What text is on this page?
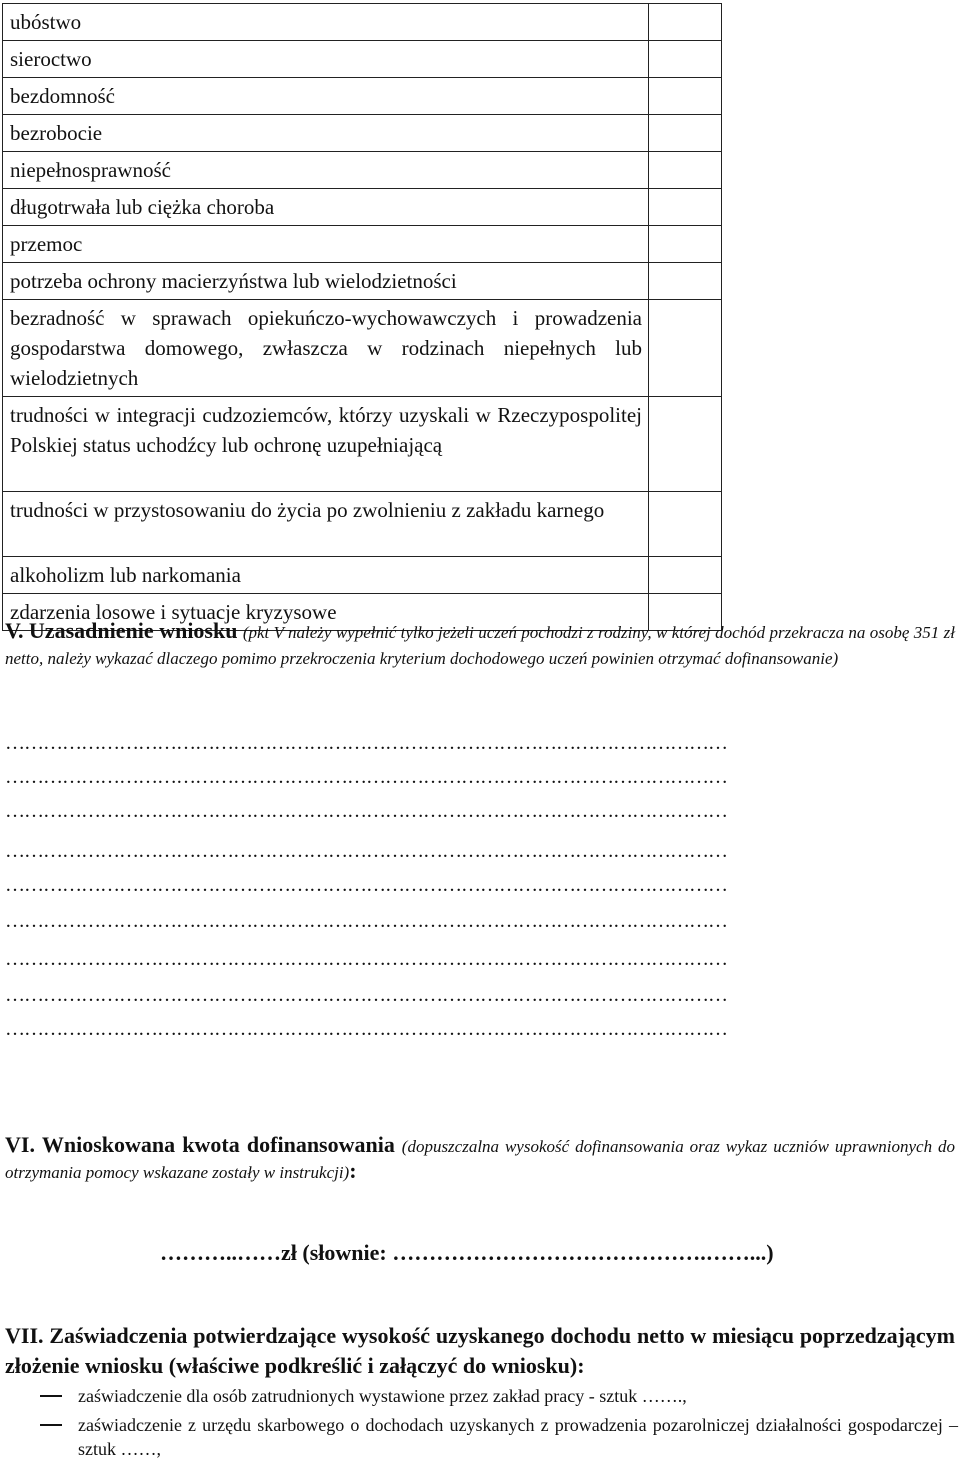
ubóstwo	
sieroctwo	
bezdomność	
bezrobocie	
niepełnosprawność	
długotrwała lub ciężka choroba	
przemoc	
potrzeba ochrony macierzyństwa lub wielodzietności	
bezradność w sprawach opiekuńczo-wychowawczych i prowadzenia gospodarstwa domowego, zwłaszcza w rodzinach niepełnych lub wielodzietnych	
trudności w integracji cudzoziemców, którzy uzyskali w Rzeczypospolitej Polskiej status uchodźcy lub ochronę uzupełniającą	
trudności w przystosowaniu do życia po zwolnieniu z zakładu karnego	
alkoholizm lub narkomania	
zdarzenia losowe i sytuacje kryzysowe	
V. Uzasadnienie wniosku (pkt V należy wypełnić tylko jeżeli uczeń pochodzi z rodziny, w której dochód przekracza na osobę 351 zł netto, należy wykazać dlaczego pomimo przekroczenia kryterium dochodowego uczeń powinien otrzymać dofinansowanie)
……………………………………………………………………………………………………
……………………………………………………………………………………………………
……………………………………………………………………………………………………
……………………………………………………………………………………………………
……………………………………………………………………………………………………
……………………………………………………………………………………………………
……………………………………………………………………………………………………
……………………………………………………………………………………………………
……………………………………………………………………………………………………
VI. Wnioskowana kwota dofinansowania (dopuszczalna wysokość dofinansowania oraz wykaz uczniów uprawnionych do otrzymania pomocy wskazane zostały w instrukcji):
………..……zł (słownie: …………………………………….……...)
VII. Zaświadczenia potwierdzające wysokość uzyskanego dochodu netto w miesiącu poprzedzającym złożenie wniosku (właściwe podkreślić i załączyć do wniosku):
zaświadczenie dla osób zatrudnionych wystawione przez zakład pracy - sztuk …….,
zaświadczenie z urzędu skarbowego o dochodach uzyskanych z prowadzenia pozarolniczej działalności gospodarczej – sztuk ……,
